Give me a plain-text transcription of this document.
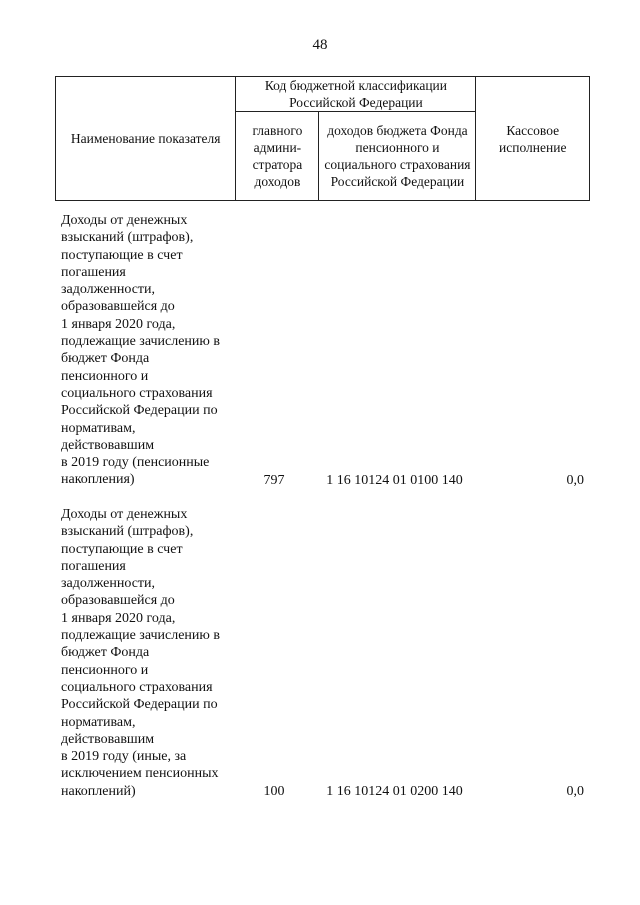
48
Наименование показателя	Код бюджетной классификации Российской Федерации		Кассовое исполнение
	главного админи-стратора доходов	доходов бюджета Фонда пенсионного и социального страхования Российской Федерации	
Доходы от денежных
взысканий (штрафов),
поступающие в счет
погашения
задолженности,
образовавшейся до
1 января 2020 года,
подлежащие зачислению в
бюджет Фонда
пенсионного и
социального страхования
Российской Федерации по
нормативам,
действовавшим
в 2019 году (пенсионные
накопления)	797	1 16 10124 01 0100 140	0,0
Доходы от денежных
взысканий (штрафов),
поступающие в счет
погашения
задолженности,
образовавшейся до
1 января 2020 года,
подлежащие зачислению в
бюджет Фонда
пенсионного и
социального страхования
Российской Федерации по
нормативам,
действовавшим
в 2019 году (иные, за
исключением пенсионных
накоплений)	100	1 16 10124 01 0200 140	0,0
